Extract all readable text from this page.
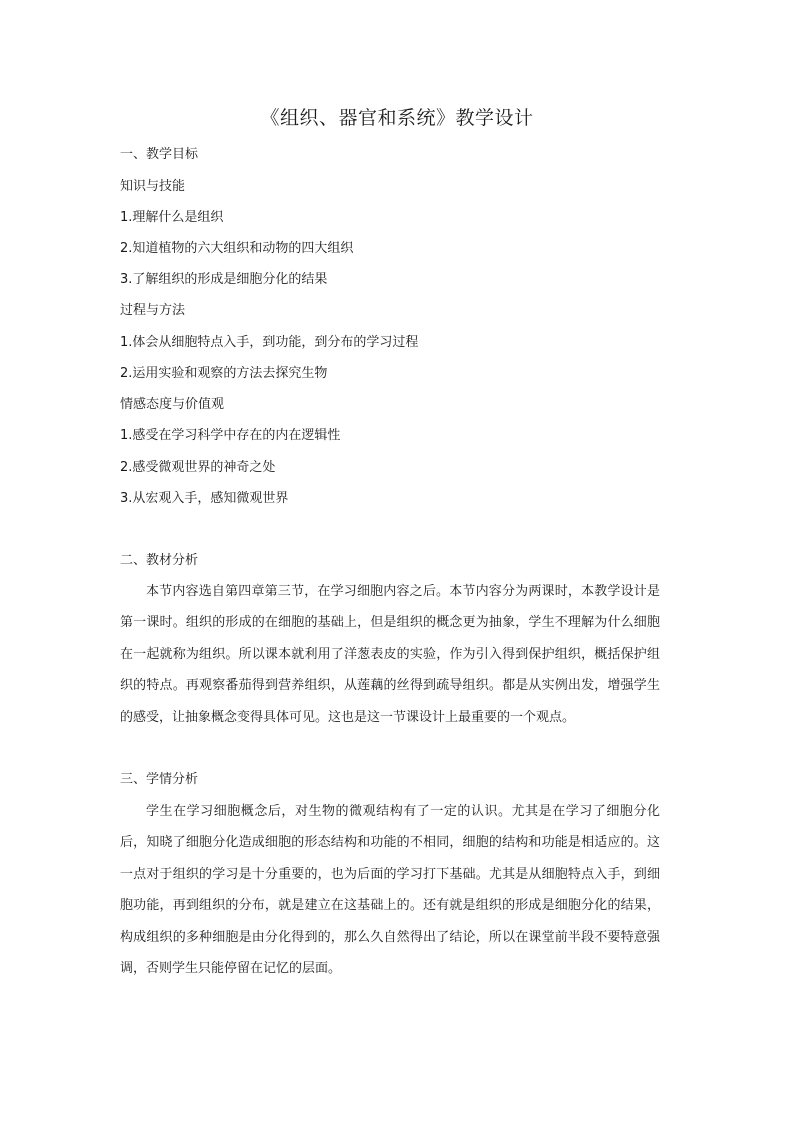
《组织、器官和系统》教学设计
一、教学目标
知识与技能
1.理解什么是组织
2.知道植物的六大组织和动物的四大组织
3.了解组织的形成是细胞分化的结果
过程与方法
1.体会从细胞特点入手，到功能，到分布的学习过程
2.运用实验和观察的方法去探究生物
情感态度与价值观
1.感受在学习科学中存在的内在逻辑性
2.感受微观世界的神奇之处
3.从宏观入手，感知微观世界
二、教材分析

本节内容选自第四章第三节，在学习细胞内容之后。本节内容分为两课时，本教学设计是第一课时。组织的形成的在细胞的基础上，但是组织的概念更为抽象，学生不理解为什么细胞在一起就称为组织。所以课本就利用了洋葱表皮的实验，作为引入得到保护组织，概括保护组织的特点。再观察番茄得到营养组织，从莲藕的丝得到疏导组织。都是从实例出发，增强学生的感受，让抽象概念变得具体可见。这也是这一节课设计上最重要的一个观点。

三、学情分析

学生在学习细胞概念后，对生物的微观结构有了一定的认识。尤其是在学习了细胞分化后，知晓了细胞分化造成细胞的形态结构和功能的不相同，细胞的结构和功能是相适应的。这一点对于组织的学习是十分重要的，也为后面的学习打下基础。尤其是从细胞特点入手，到细胞功能，再到组织的分布，就是建立在这基础上的。还有就是组织的形成是细胞分化的结果，构成组织的多种细胞是由分化得到的，那么久自然得出了结论，所以在课堂前半段不要特意强调，否则学生只能停留在记忆的层面。
